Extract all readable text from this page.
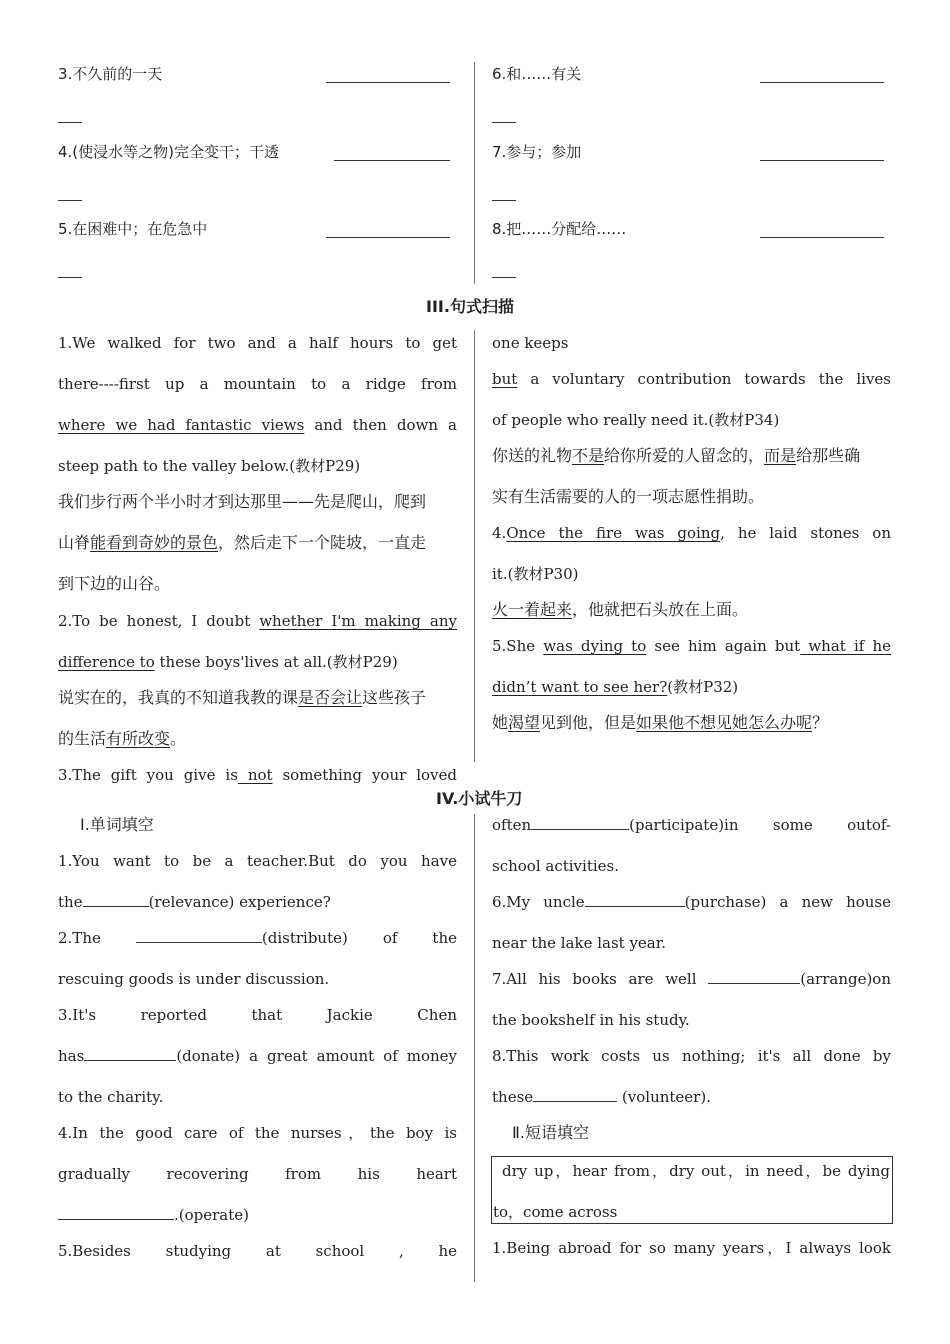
3.不久前的一天
4.(使浸水等之物)完全变干；干透
5.在困难中；在危急中
6.和……有关
7.参与；参加
8.把……分配给……
III.句式扫描
1.We walked for two and a half hours to get
there----first up a mountain to a ridge from
where we had fantastic views and then down a
steep path to the valley below.(教材P29)
我们步行两个半小时才到达那里——先是爬山，爬到
山脊能看到奇妙的景色，然后走下一个陡坡，一直走
到下边的山谷。
2.To be honest, I doubt whether I'm making any
difference to these boys'lives at all.(教材P29)
说实在的，我真的不知道我教的课是否会让这些孩子
的生活有所改变。
3.The gift you give is not something your loved
one keeps
but a voluntary contribution towards the lives
of people who really need it.(教材P34)
你送的礼物不是给你所爱的人留念的，而是给那些确
实有生活需要的人的一项志愿性捐助。
4.Once the fire was going, he laid stones on
it.(教材P30)
火一着起来，他就把石头放在上面。
5.She was dying to see him again but what if he
didn’t want to see her?(教材P32)
她渴望见到他，但是如果他不想见她怎么办呢？
IV.小试牛刀
Ⅰ.单词填空
1.You want to be a teacher.But do you have
the	(relevance) experience?
2.The	(distribute) of the
rescuing goods is under discussion.
3.It's reported that Jackie Chen
has	(donate) a great amount of money
to the charity.
4.In the good care of the nurses，the boy is
gradually recovering from his heart
.(operate)
5.Besides studying at school , he
often	(participate)in some outof-
school activities.
6.My uncle	(purchase) a new house
near the lake last year.
7.All his books are well	(arrange)on
the bookshelf in his study.
8.This work costs us nothing; it's all done by
these	(volunteer).
Ⅱ.短语填空
dry up，hear from，dry out，in need，be dying
to，come across
1.Being abroad for so many years，I always look
